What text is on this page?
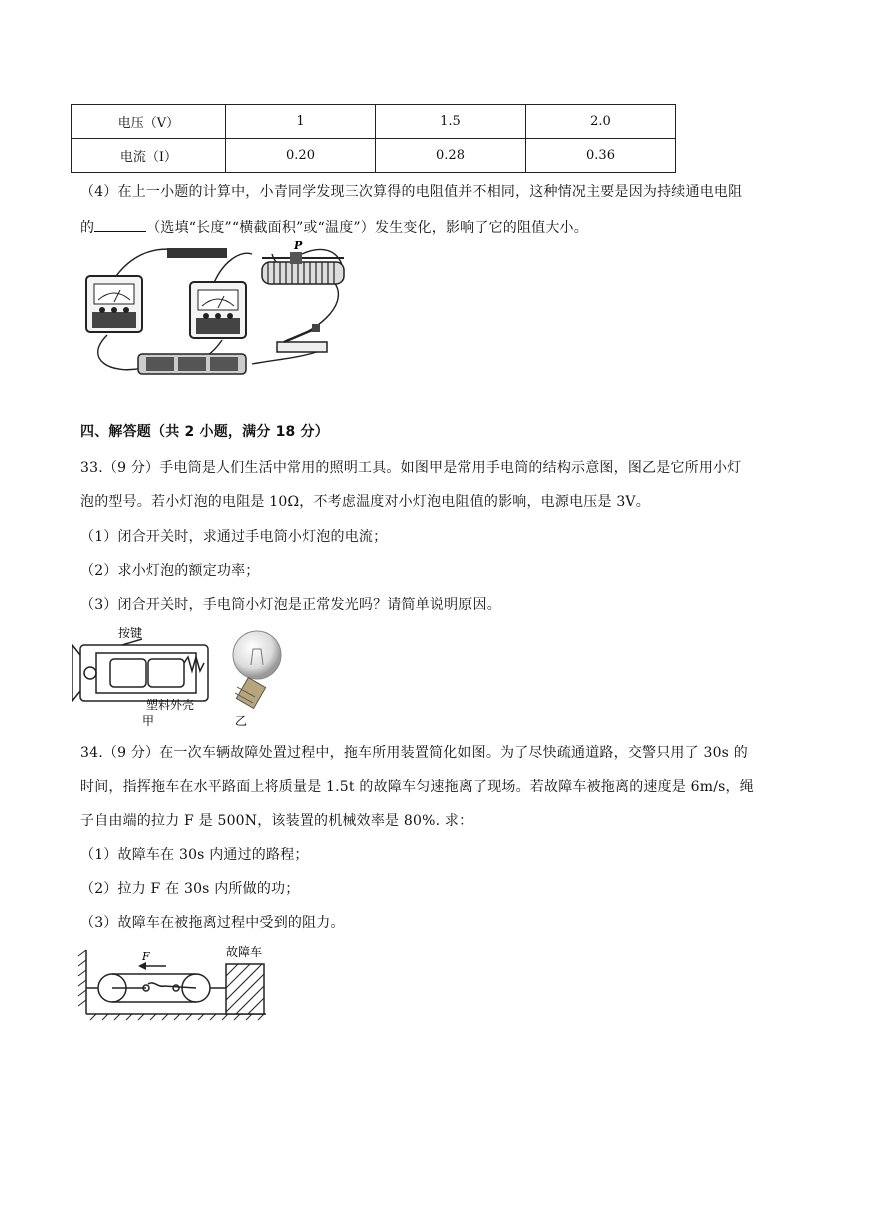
电压（V）	1	1.5	2.0
电流（I）	0.20	0.28	0.36
（4）在上一小题的计算中，小青同学发现三次算得的电阻值并不相同，这种情况主要是因为持续通电电阻
的	（选填“长度”“横截面积”或“温度”）发生变化，影响了它的阻值大小。
P
四、解答题（共 2 小题，满分 18 分）
33.（9 分）手电筒是人们生活中常用的照明工具。如图甲是常用手电筒的结构示意图，图乙是它所用小灯
泡的型号。若小灯泡的电阻是 10Ω，不考虑温度对小灯泡电阻值的影响，电源电压是 3V。
（1）闭合开关时，求通过手电筒小灯泡的电流；
（2）求小灯泡的额定功率；
（3）闭合开关时，手电筒小灯泡是正常发光吗？请简单说明原因。
按键
塑料外壳
甲	乙
34.（9 分）在一次车辆故障处置过程中，拖车所用装置简化如图。为了尽快疏通道路，交警只用了 30s 的
时间，指挥拖车在水平路面上将质量是 1.5t 的故障车匀速拖离了现场。若故障车被拖离的速度是 6m/s，绳
子自由端的拉力 F 是 500N，该装置的机械效率是 80%. 求：
（1）故障车在 30s 内通过的路程；
（2）拉力 F 在 30s 内所做的功；
（3）故障车在被拖离过程中受到的阻力。
F	故障车
